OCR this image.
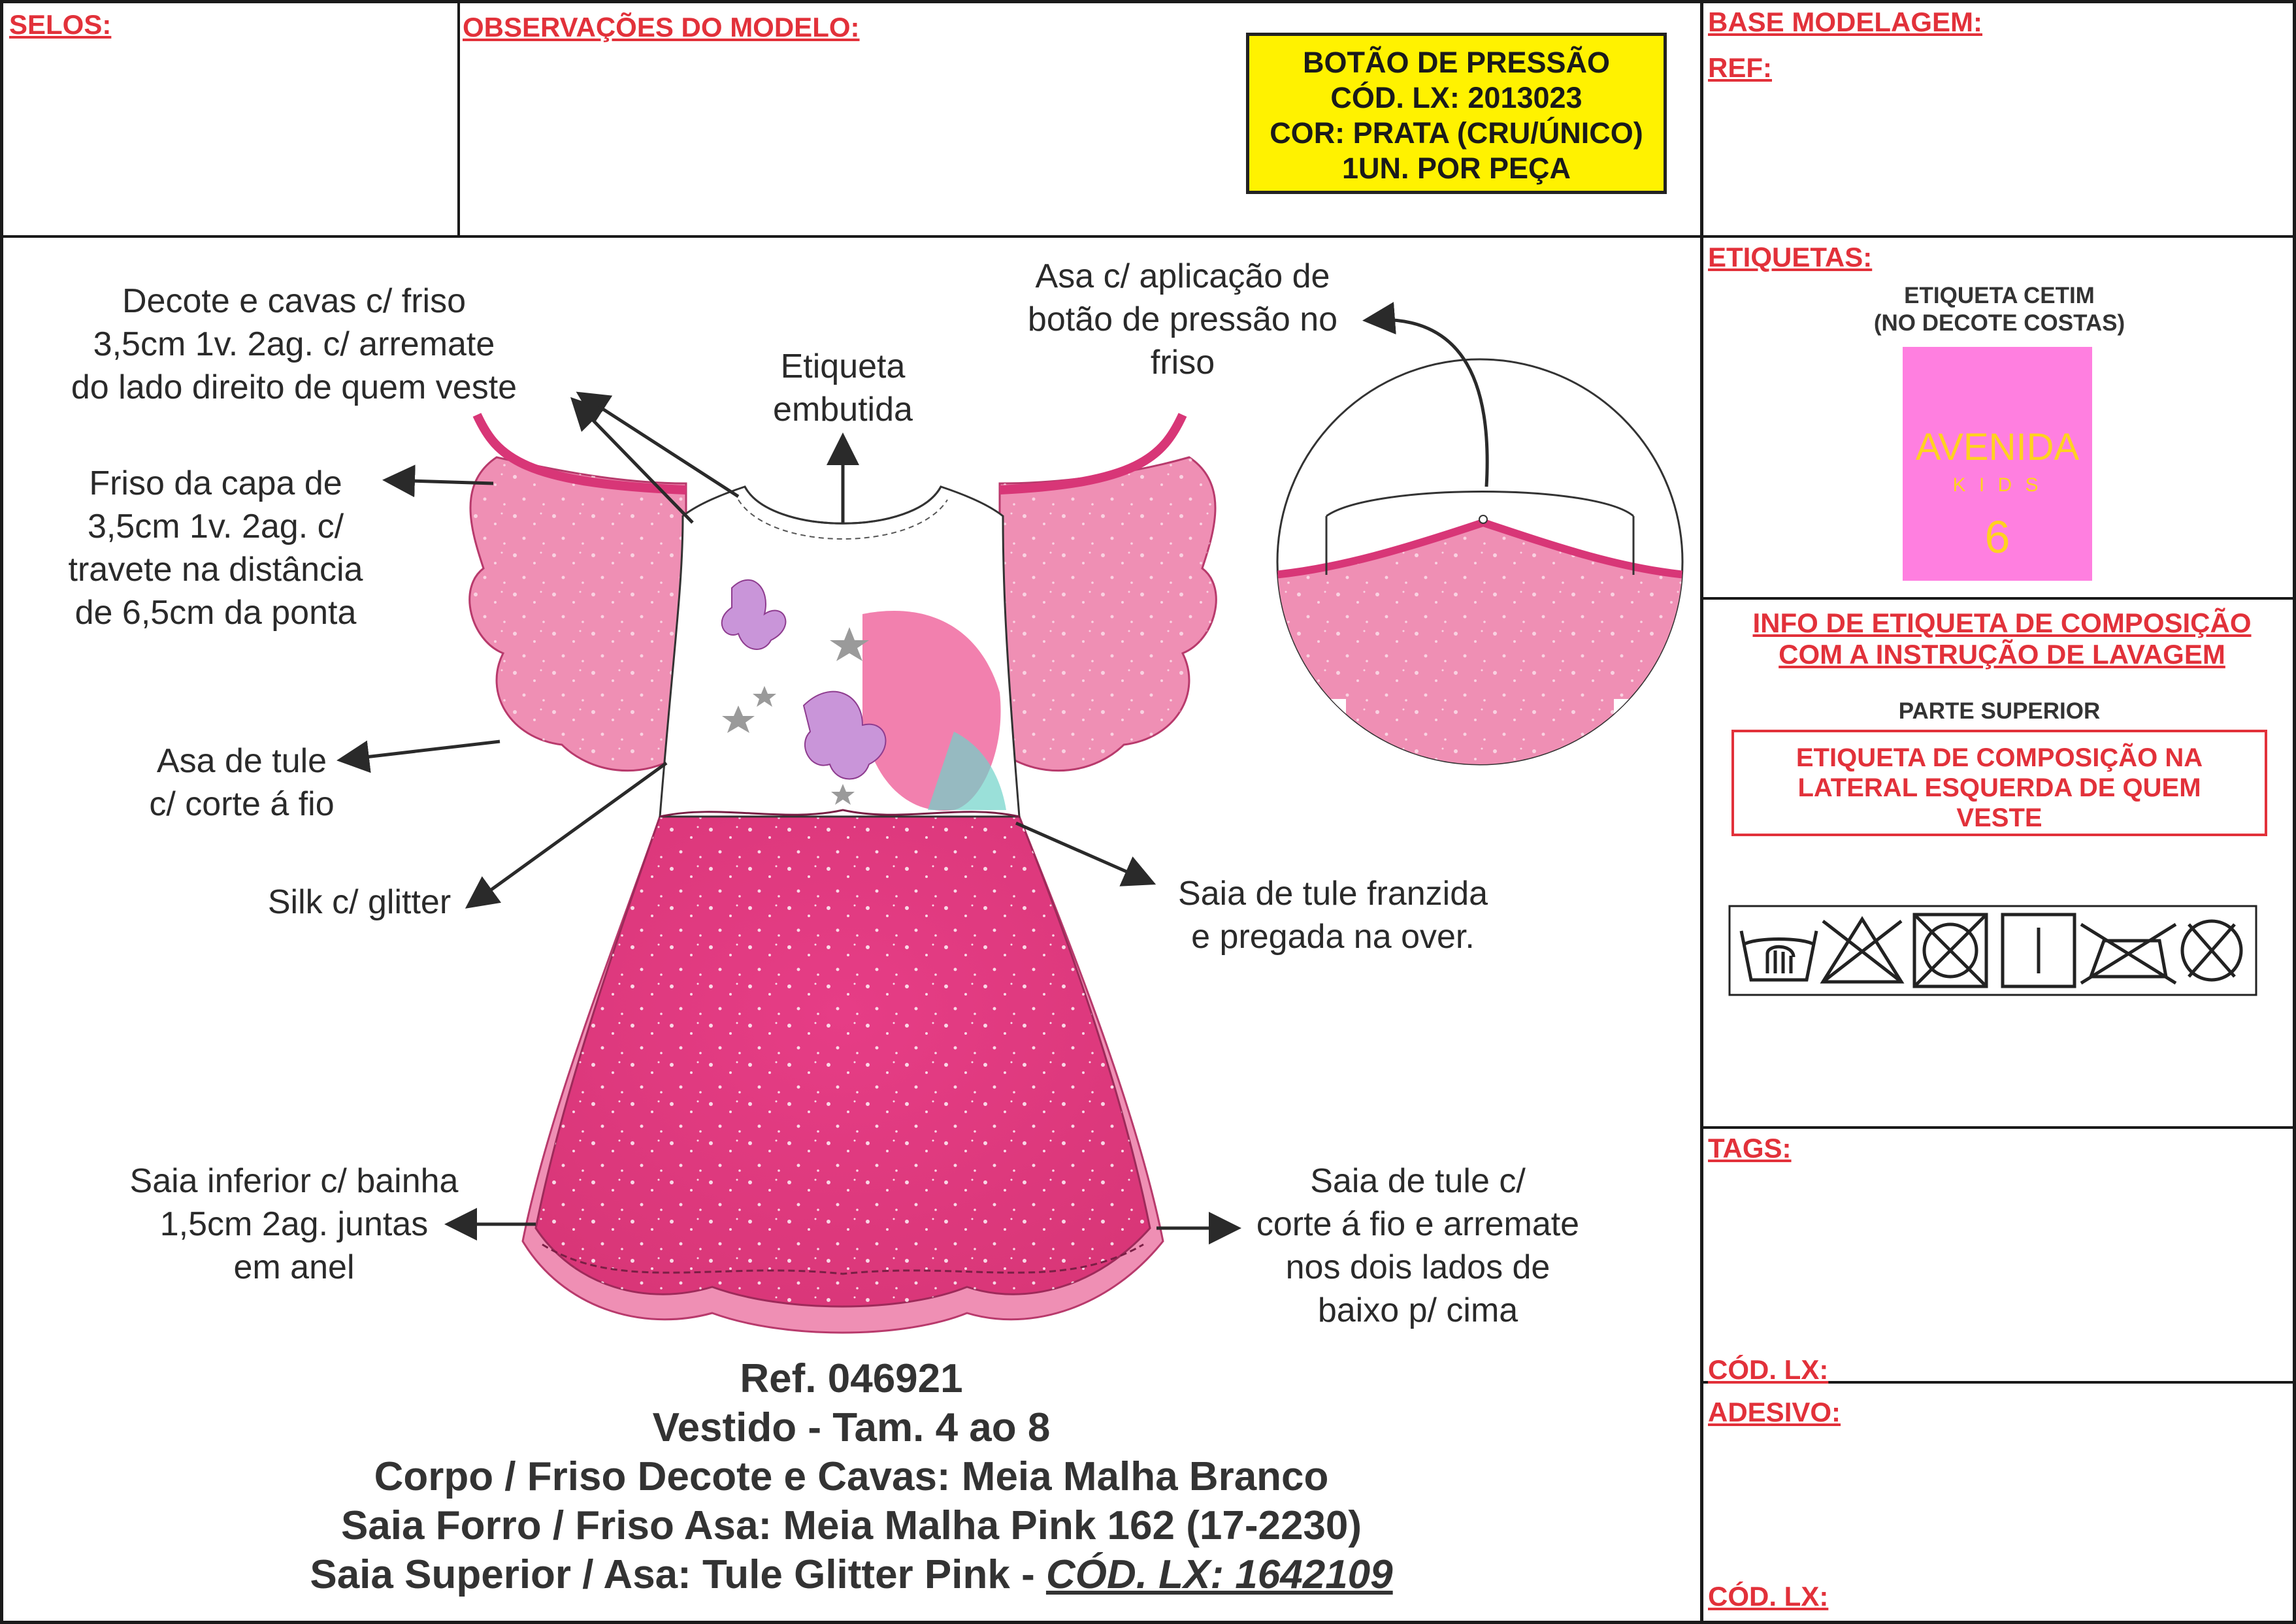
SELOS:	OBSERVAÇÕES DO MODELO:	BASE MODELAGEM:
REF:
BOTÃO DE PRESSÃO
CÓD. LX: 2013023
COR: PRATA (CRU/ÚNICO)
1UN. POR PEÇA
Decote e cavas c/ friso
3,5cm 1v. 2ag. c/ arremate
do lado direito de quem veste
Etiqueta
embutida
Asa c/ aplicação de
botão de pressão no
friso
Friso da capa de
3,5cm 1v. 2ag. c/
travete na distância
de 6,5cm da ponta
Asa de tule
c/ corte á fio
Silk c/ glitter	Saia de tule franzida
e pregada na over.
Saia inferior c/ bainha
1,5cm 2ag. juntas
em anel
Saia de tule c/
corte á fio e arremate
nos dois lados de
baixo p/ cima
Ref. 046921
Vestido - Tam. 4 ao 8
Corpo / Friso Decote e Cavas: Meia Malha Branco
Saia Forro / Friso Asa: Meia Malha Pink 162 (17-2230)
Saia Superior / Asa: Tule Glitter Pink - CÓD. LX: 1642109
ETIQUETAS:
ETIQUETA CETIM
(NO DECOTE COSTAS)
AVENIDA
K I D S
6
INFO DE ETIQUETA DE COMPOSIÇÃO
COM A INSTRUÇÃO DE LAVAGEM
PARTE SUPERIOR
ETIQUETA DE COMPOSIÇÃO NA
LATERAL ESQUERDA DE QUEM
VESTE
TAGS:
CÓD. LX:
ADESIVO:
CÓD. LX:
